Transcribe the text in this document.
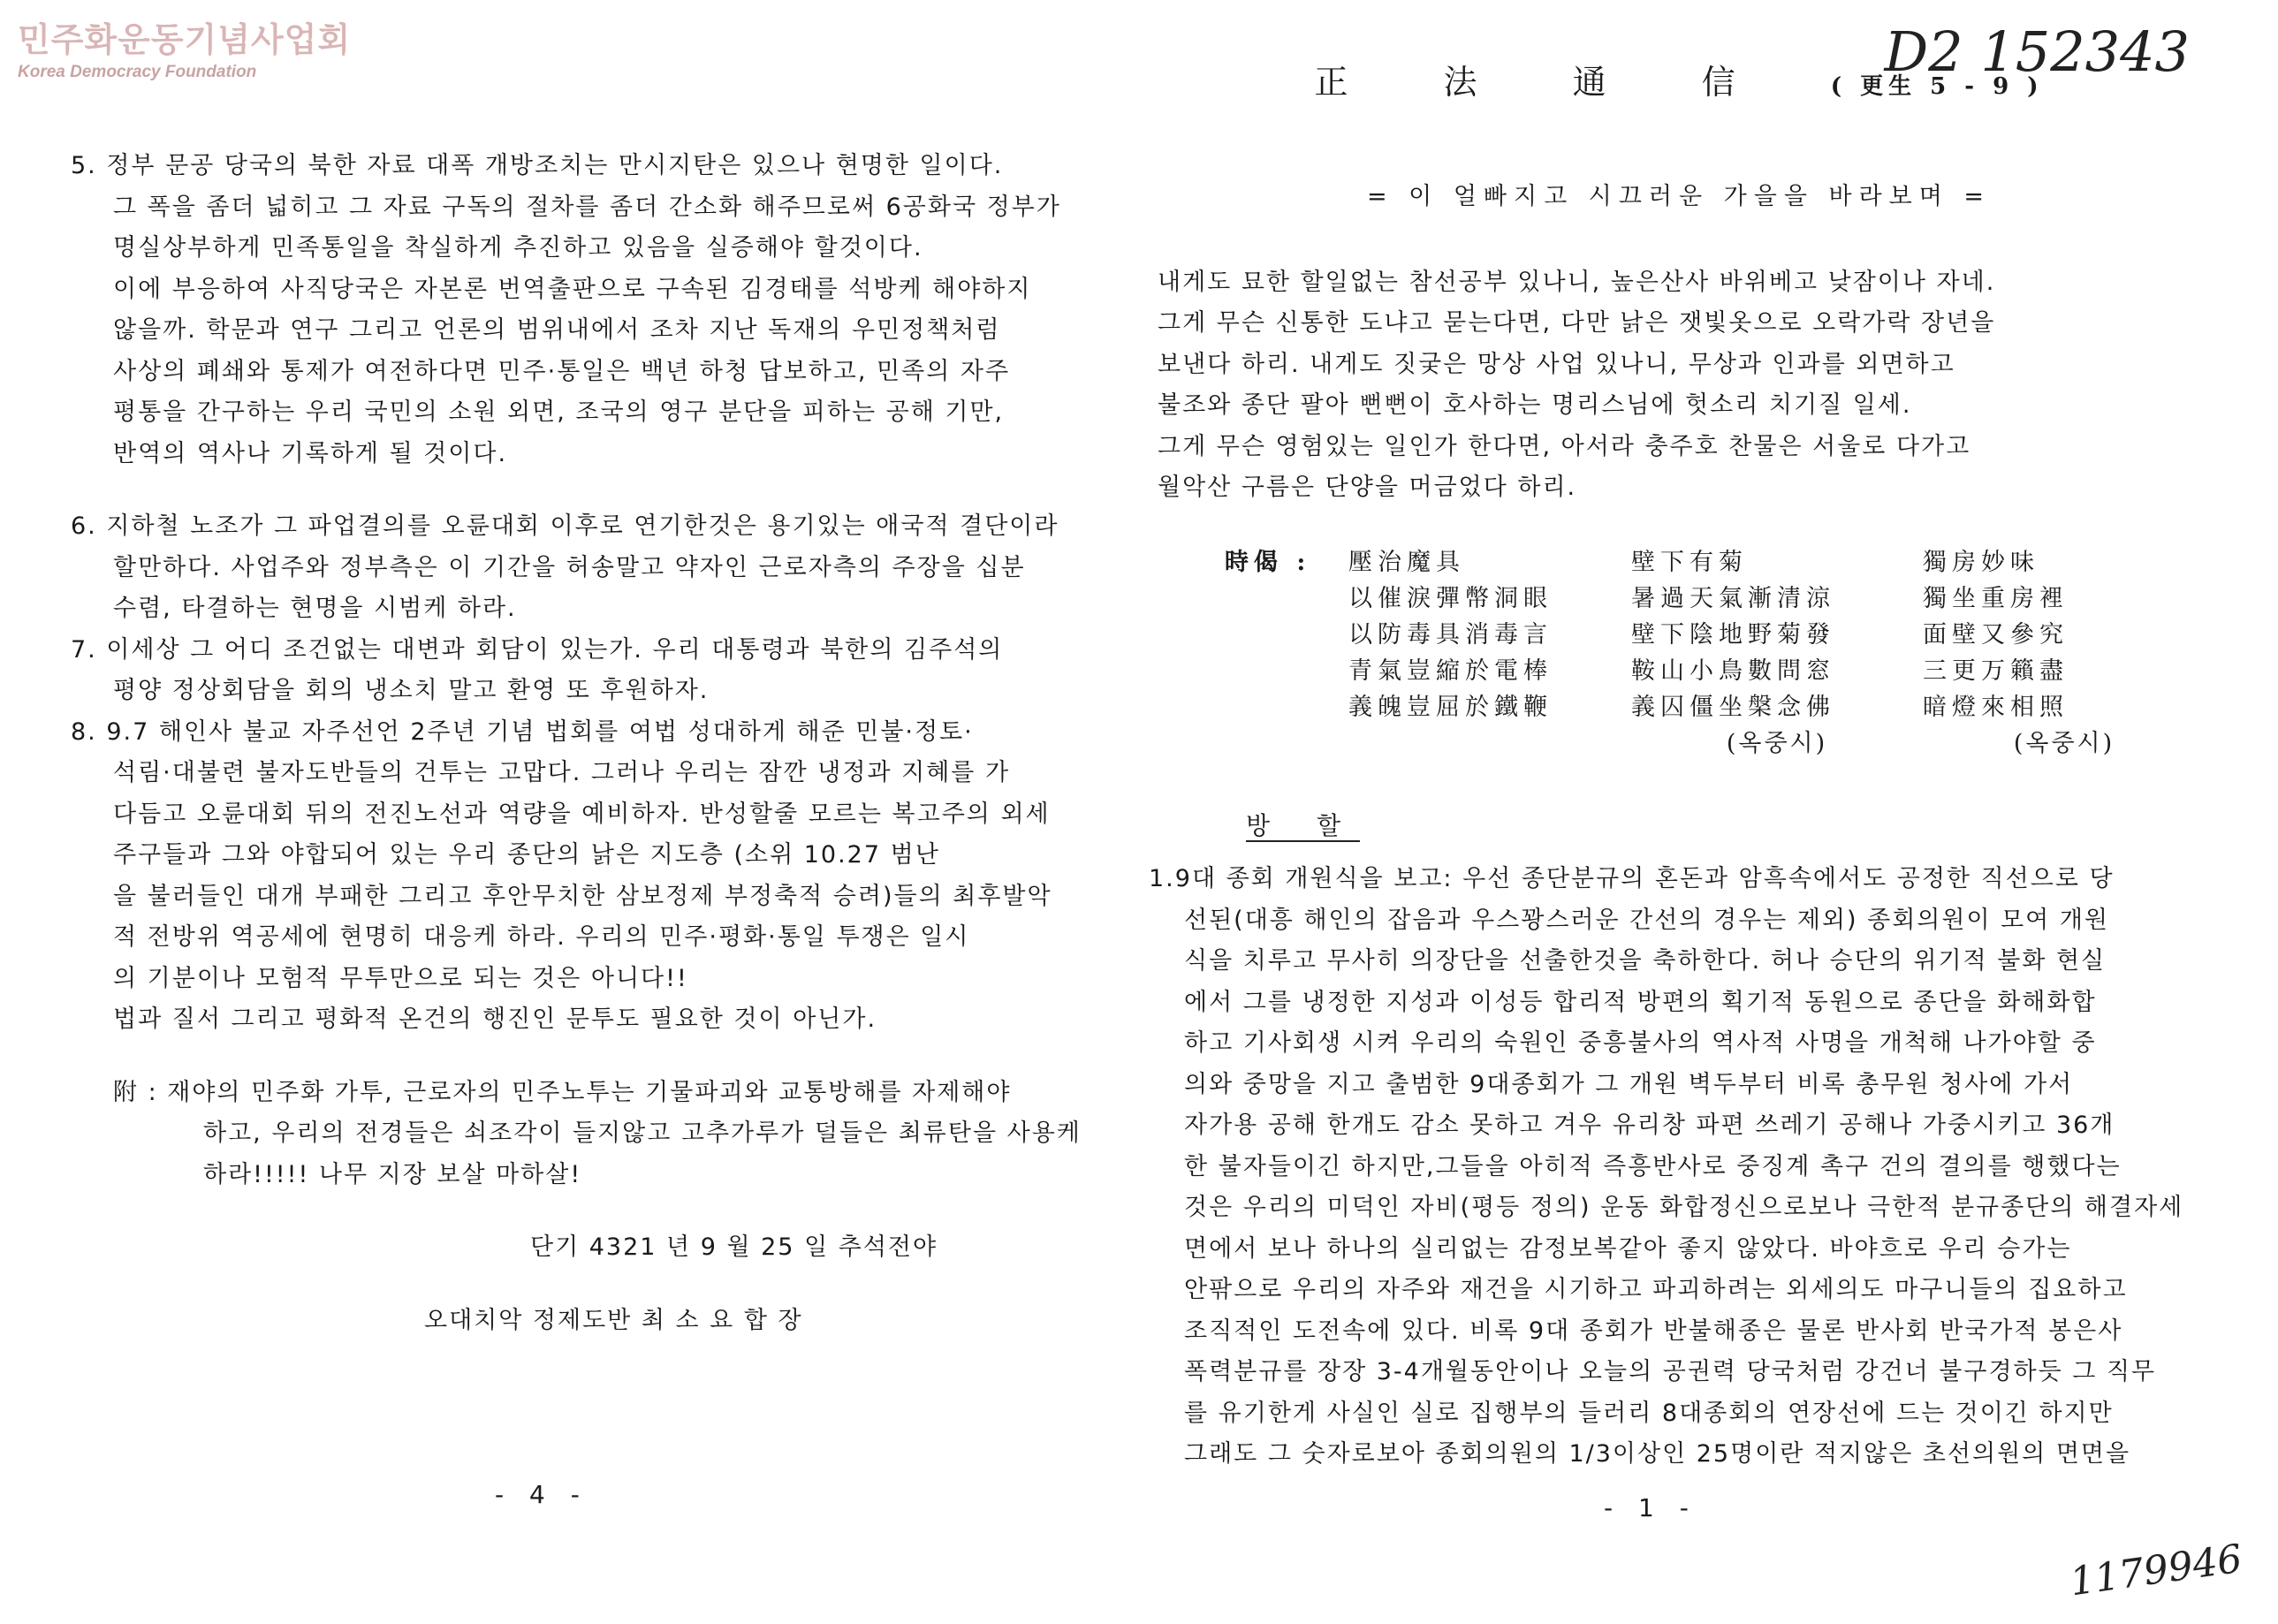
민주화운동기념사업회
Korea Democracy Foundation	D2 152343
1179946
5. 정부 문공 당국의 북한 자료 대폭 개방조치는 만시지탄은 있으나 현명한 일이다.
그 폭을 좀더 넓히고 그 자료 구독의 절차를 좀더 간소화 해주므로써 6공화국 정부가
명실상부하게 민족통일을 착실하게 추진하고 있음을 실증해야 할것이다.
이에 부응하여 사직당국은 자본론 번역출판으로 구속된 김경태를 석방케 해야하지
않을까. 학문과 연구 그리고 언론의 범위내에서 조차 지난 독재의 우민정책처럼
사상의 폐쇄와 통제가 여전하다면 민주·통일은 백년 하청 답보하고, 민족의 자주
평통을 간구하는 우리 국민의 소원 외면, 조국의 영구 분단을 피하는 공해 기만,
반역의 역사나 기록하게 될 것이다.
6. 지하철 노조가 그 파업결의를 오륜대회 이후로 연기한것은 용기있는 애국적 결단이라
할만하다. 사업주와 정부측은 이 기간을 허송말고 약자인 근로자측의 주장을 십분
수렴, 타결하는 현명을 시범케 하라.
7. 이세상 그 어디 조건없는 대변과 회담이 있는가. 우리 대통령과 북한의 김주석의
평양 정상회담을 회의 냉소치 말고 환영 또 후원하자.
8. 9.7 해인사 불교 자주선언 2주년 기념 법회를 여법 성대하게 해준 민불·정토·
석림·대불련 불자도반들의 건투는 고맙다. 그러나 우리는 잠깐 냉정과 지혜를 가
다듬고 오륜대회 뒤의 전진노선과 역량을 예비하자. 반성할줄 모르는 복고주의 외세
주구들과 그와 야합되어 있는 우리 종단의 낡은 지도층 (소위 10.27 범난
을 불러들인 대개 부패한 그리고 후안무치한 삼보정제 부정축적 승려)들의 최후발악
적 전방위 역공세에 현명히 대응케 하라. 우리의 민주·평화·통일 투쟁은 일시
의 기분이나 모험적 무투만으로 되는 것은 아니다!!
법과 질서 그리고 평화적 온건의 행진인 문투도 필요한 것이 아닌가.
附 : 재야의 민주화 가투, 근로자의 민주노투는 기물파괴와 교통방해를 자제해야
하고, 우리의 전경들은 쇠조각이 들지않고 고추가루가 덜들은 최류탄을 사용케
하라!!!!! 나무 지장 보살 마하살!
단기 4321 년 9 월 25 일 추석전야
오대치악 정제도반 최 소 요 합 장
- 4 -
正 法 通 信 ( 更生 5 - 9 )
= 이 얼빠지고 시끄러운 가을을 바라보며 =
내게도 묘한 할일없는 참선공부 있나니, 높은산사 바위베고 낮잠이나 자네.
그게 무슨 신통한 도냐고 묻는다면, 다만 낡은 잿빛옷으로 오락가락 장년을
보낸다 하리. 내게도 짓궂은 망상 사업 있나니, 무상과 인과를 외면하고
불조와 종단 팔아 뻔뻔이 호사하는 명리스님에 헛소리 치기질 일세.
그게 무슨 영험있는 일인가 한다면, 아서라 충주호 찬물은 서울로 다가고
월악산 구름은 단양을 머금었다 하리.
時偈 :	壓治魔具
以催淚彈幣洞眼
以防毒具消毒言
青氣豈縮於電棒
義魄豈屈於鐵鞭
壁下有菊
暑過天氣漸清涼
壁下陰地野菊發
鞍山小鳥數問窓
義囚僵坐槃念佛
(옥중시)
獨房妙味
獨坐重房裡
面壁又參究
三更万籟盡
暗燈來相照
(옥중시)
방 할
1.9대 종회 개원식을 보고: 우선 종단분규의 혼돈과 암흑속에서도 공정한 직선으로 당
선된(대흥 해인의 잡음과 우스꽝스러운 간선의 경우는 제외) 종회의원이 모여 개원
식을 치루고 무사히 의장단을 선출한것을 축하한다. 허나 승단의 위기적 불화 현실
에서 그를 냉정한 지성과 이성등 합리적 방편의 획기적 동원으로 종단을 화해화합
하고 기사회생 시켜 우리의 숙원인 중흥불사의 역사적 사명을 개척해 나가야할 중
의와 중망을 지고 출범한 9대종회가 그 개원 벽두부터 비록 총무원 청사에 가서
자가용 공해 한개도 감소 못하고 겨우 유리창 파편 쓰레기 공해나 가중시키고 36개
한 불자들이긴 하지만,그들을 아히적 즉흥반사로 중징계 촉구 건의 결의를 행했다는
것은 우리의 미덕인 자비(평등 정의) 운동 화합정신으로보나 극한적 분규종단의 해결자세
면에서 보나 하나의 실리없는 감정보복같아 좋지 않았다. 바야흐로 우리 승가는
안팎으로 우리의 자주와 재건을 시기하고 파괴하려는 외세의도 마구니들의 집요하고
조직적인 도전속에 있다. 비록 9대 종회가 반불해종은 물론 반사회 반국가적 봉은사
폭력분규를 장장 3-4개월동안이나 오늘의 공권력 당국처럼 강건너 불구경하듯 그 직무
를 유기한게 사실인 실로 집행부의 들러리 8대종회의 연장선에 드는 것이긴 하지만
그래도 그 숫자로보아 종회의원의 1/3이상인 25명이란 적지않은 초선의원의 면면을
- 1 -
